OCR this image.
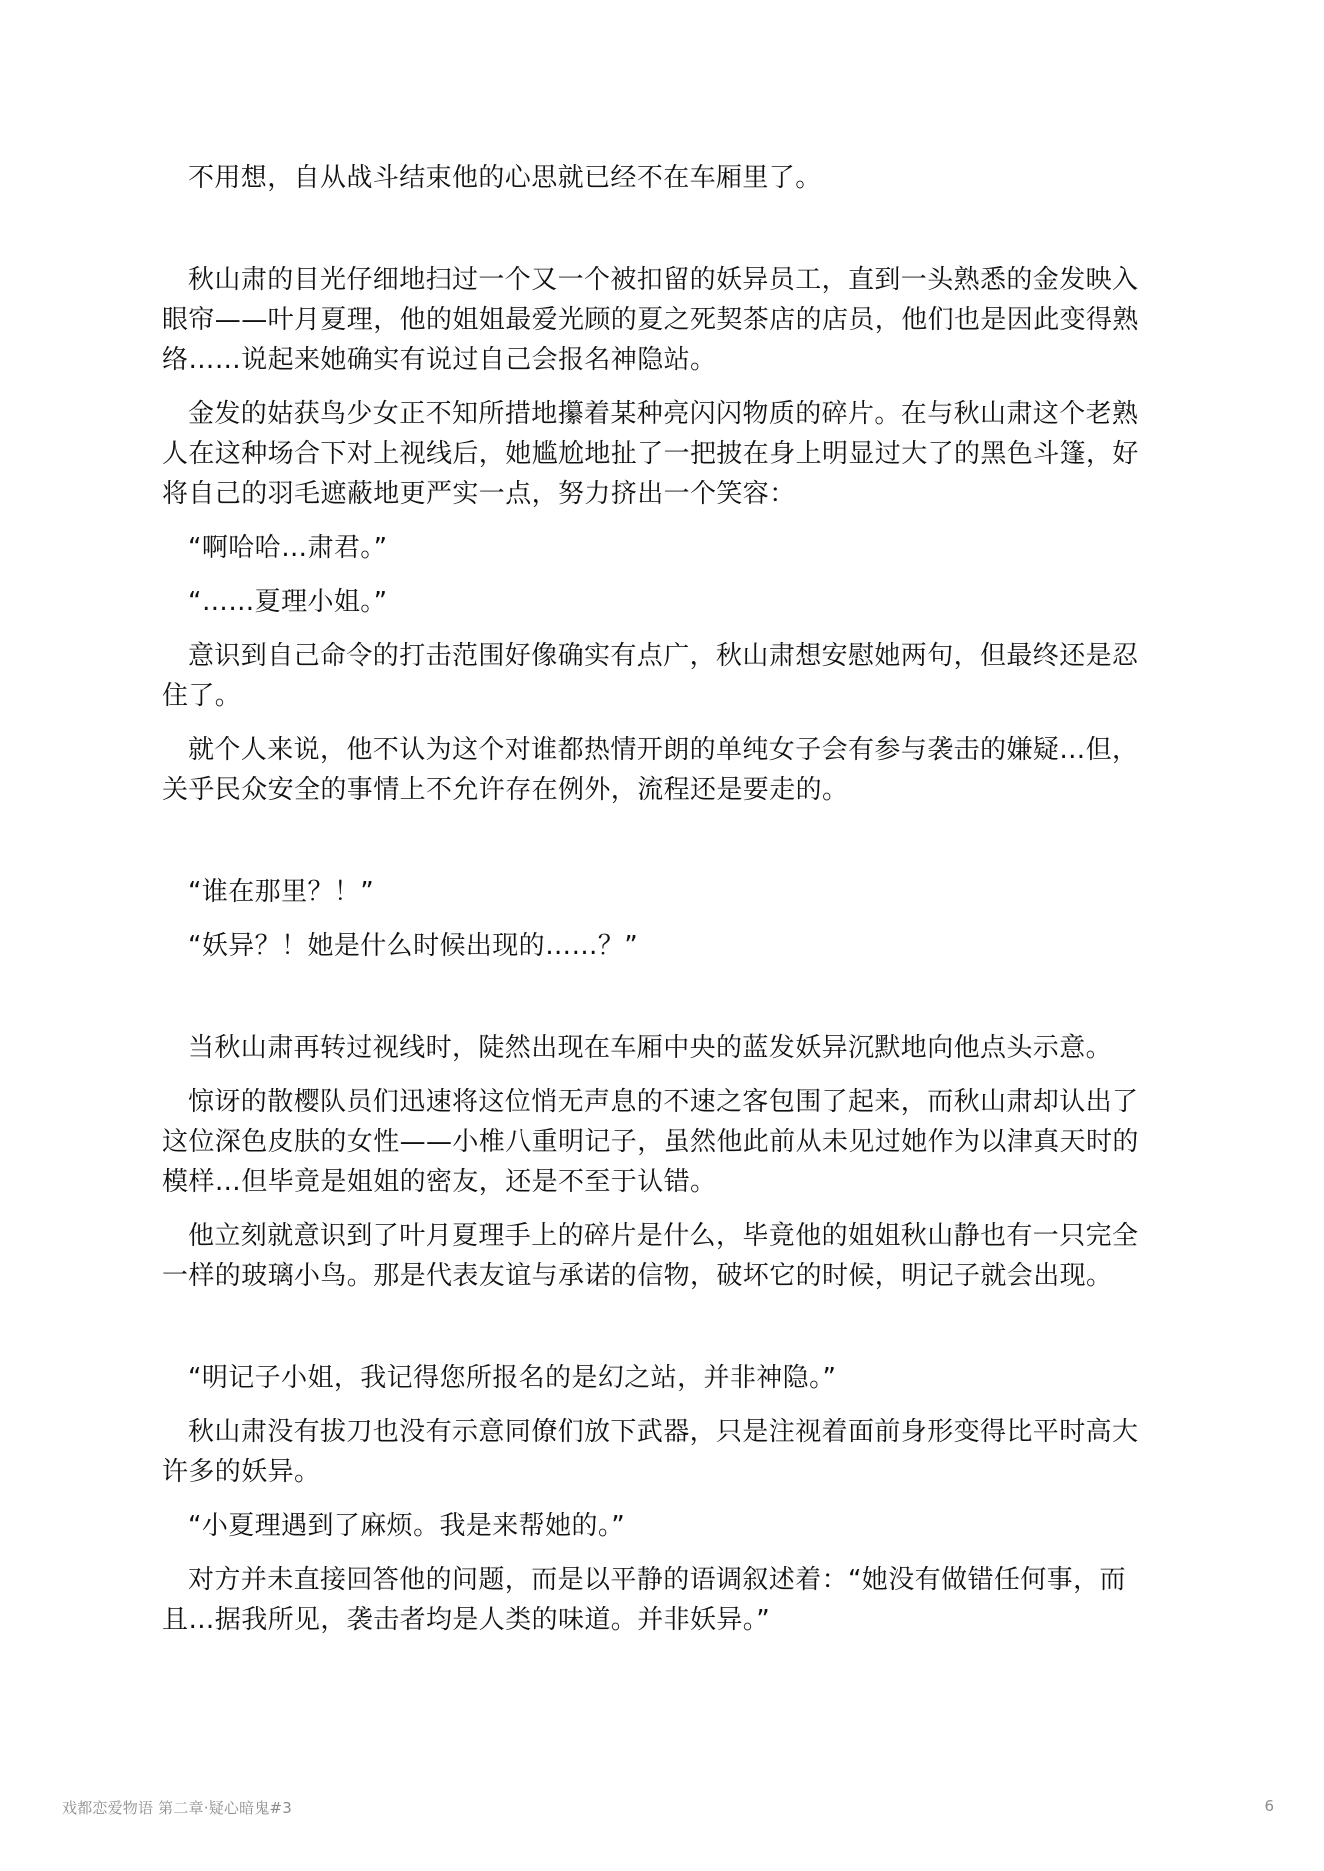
不用想，自从战斗结束他的心思就已经不在车厢里了。

秋山肃的目光仔细地扫过一个又一个被扣留的妖异员工，直到一头熟悉的金发映入眼帘——叶月夏理，他的姐姐最爱光顾的夏之死契茶店的店员，他们也是因此变得熟络……说起来她确实有说过自己会报名神隐站。

金发的姑获鸟少女正不知所措地攥着某种亮闪闪物质的碎片。在与秋山肃这个老熟人在这种场合下对上视线后，她尴尬地扯了一把披在身上明显过大了的黑色斗篷，好将自己的羽毛遮蔽地更严实一点，努力挤出一个笑容：

“啊哈哈…肃君。”

“……夏理小姐。”

意识到自己命令的打击范围好像确实有点广，秋山肃想安慰她两句，但最终还是忍住了。

就个人来说，他不认为这个对谁都热情开朗的单纯女子会有参与袭击的嫌疑…但，关乎民众安全的事情上不允许存在例外，流程还是要走的。

“谁在那里？！”

“妖异？！她是什么时候出现的……？”

当秋山肃再转过视线时，陡然出现在车厢中央的蓝发妖异沉默地向他点头示意。

惊讶的散樱队员们迅速将这位悄无声息的不速之客包围了起来，而秋山肃却认出了这位深色皮肤的女性——小椎八重明记子，虽然他此前从未见过她作为以津真天时的模样…但毕竟是姐姐的密友，还是不至于认错。

他立刻就意识到了叶月夏理手上的碎片是什么，毕竟他的姐姐秋山静也有一只完全一样的玻璃小鸟。那是代表友谊与承诺的信物，破坏它的时候，明记子就会出现。

“明记子小姐，我记得您所报名的是幻之站，并非神隐。”

秋山肃没有拔刀也没有示意同僚们放下武器，只是注视着面前身形变得比平时高大许多的妖异。

“小夏理遇到了麻烦。我是来帮她的。”

对方并未直接回答他的问题，而是以平静的语调叙述着：“她没有做错任何事，而且…据我所见，袭击者均是人类的味道。并非妖异。”

戏都恋爱物语 第二章·疑心暗鬼#3	6
